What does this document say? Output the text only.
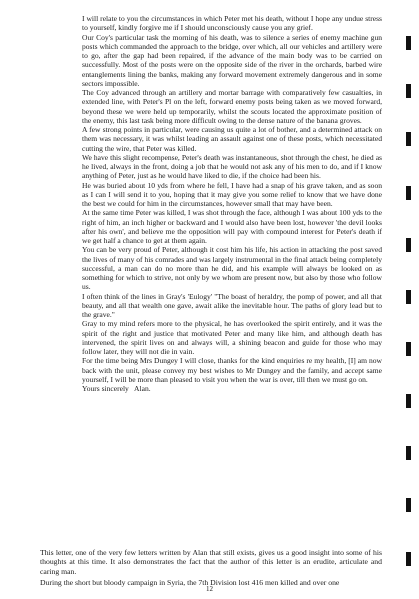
I will relate to you the circumstances in which Peter met his death, without I hope any undue stress to yourself, kindly forgive me if I should unconsciously cause you any grief.

Our Coy's particular task the morning of his death, was to silence a series of enemy machine gun posts which commanded the approach to the bridge, over which, all our vehicles and artillery were to go, after the gap had been repaired, if the advance of the main body was to be carried on successfully. Most of the posts were on the opposite side of the river in the orchards, barbed wire entanglements lining the banks, making any forward movement extremely dangerous and in some sectors impossible.

The Coy advanced through an artillery and mortar barrage with comparatively few casualties, in extended line, with Peter's Pl on the left, forward enemy posts being taken as we moved forward, beyond these we were held up temporarily, whilst the scouts located the approximate position of the enemy, this last task being more difficult owing to the dense nature of the banana groves.

A few strong points in particular, were causing us quite a lot of bother, and a determined attack on them was necessary, it was whilst leading an assault against one of these posts, which necessitated cutting the wire, that Peter was killed.

We have this slight recompense, Peter's death was instantaneous, shot through the chest, he died as he lived, always in the front, doing a job that he would not ask any of his men to do, and if I know anything of Peter, just as he would have liked to die, if the choice had been his.

He was buried about 10 yds from where he fell, I have had a snap of his grave taken, and as soon as I can I will send it to you, hoping that it may give you some relief to know that we have done the best we could for him in the circumstances, however small that may have been.

At the same time Peter was killed, I was shot through the face, although I was about 100 yds to the right of him, an inch higher or backward and I would also have been lost, however 'the devil looks after his own', and believe me the opposition will pay with compound interest for Peter's death if we get half a chance to get at them again.

You can be very proud of Peter, although it cost him his life, his action in attacking the post saved the lives of many of his comrades and was largely instrumental in the final attack being completely successful, a man can do no more than he did, and his example will always be looked on as something for which to strive, not only by we whom are present now, but also by those who follow us.

I often think of the lines in Gray's 'Eulogy' "The boast of heraldry, the pomp of power, and all that beauty, and all that wealth one gave, await alike the inevitable hour. The paths of glory lead but to the grave."

Gray to my mind refers more to the physical, he has overlooked the spirit entirely, and it was the spirit of the right and justice that motivated Peter and many like him, and although death has intervened, the spirit lives on and always will, a shining beacon and guide for those who may follow later, they will not die in vain.

For the time being Mrs Dungey I will close, thanks for the kind enquiries re my health, [I] am now back with the unit, please convey my best wishes to Mr Dungey and the family, and accept same yourself, I will be more than pleased to visit you when the war is over, till then we must go on.

Yours sincerely   Alan.

This letter, one of the very few letters written by Alan that still exists, gives us a good insight into some of his thoughts at this time. It also demonstrates the fact that the author of this letter is an erudite, articulate and caring man.

During the short but bloody campaign in Syria, the 7th Division lost 416 men killed and over one

12
